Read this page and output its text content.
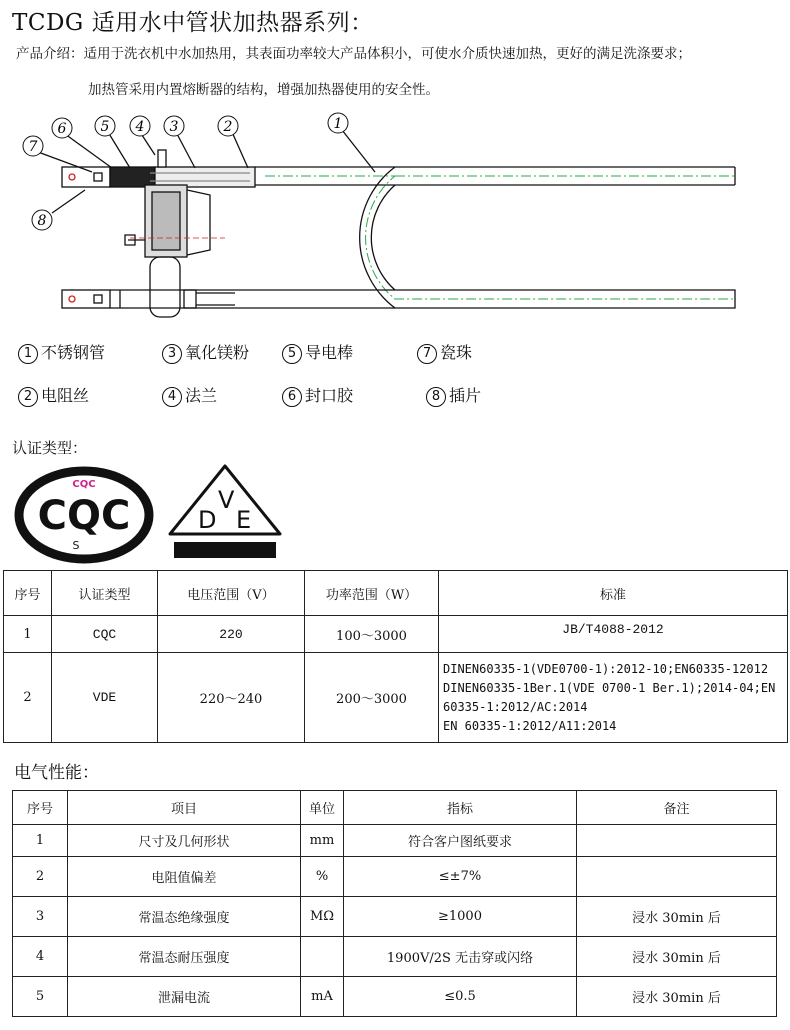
TCDG 适用水中管状加热器系列：
产品介绍：适用于洗衣机中水加热用，其表面功率较大产品体积小，可使水介质快速加热，更好的满足洗涤要求；
加热管采用内置熔断器的结构，增强加热器使用的安全性。
1
2
3
4
5
6
7
8
1 不锈钢管	3 氧化镁粉	5 导电棒	7 瓷珠
2 电阻丝	4 法兰	6 封口胶	8 插片
认证类型：
CQC
CQC
S
D
V
E
序号	认证类型	电压范围（V）	功率范围（W）	标准
1	CQC	220	100～3000	JB/T4088-2012
2	VDE	220～240	200～3000	DINEN60335-1(VDE0700-1):2012-10;EN60335-12012
DINEN60335-1Ber.1(VDE 0700-1 Ber.1);2014-04;EN
60335-1:2012/AC:2014
EN 60335-1:2012/A11:2014
电气性能：
序号	项目	单位	指标	备注
1	尺寸及几何形状	mm	符合客户图纸要求	
2	电阻值偏差	%	≤±7%	
3	常温态绝缘强度	MΩ	≥1000	浸水 30min 后
4	常温态耐压强度		1900V/2S 无击穿或闪络	浸水 30min 后
5	泄漏电流	mA	≤0.5	浸水 30min 后
